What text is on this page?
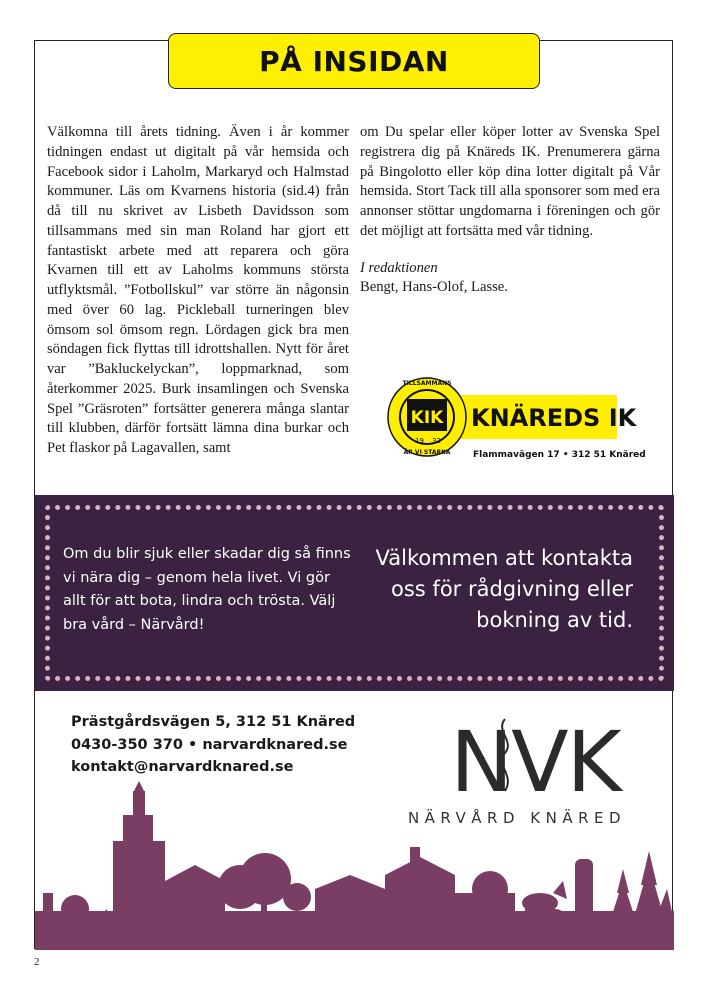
PÅ INSIDAN
Välkomna till årets tidning. Även i år kommer tidningen endast ut digitalt på vår hemsida och Facebook sidor i Laholm, Markaryd och Halmstad kommuner. Läs om Kvarnens historia (sid.4) från då till nu skrivet av Lisbeth Davidsson som tillsammans med sin man Roland har gjort ett fantastiskt arbete med att reparera och göra Kvarnen till ett av Laholms kommuns största utflyktsmål. ”Fotbollskul” var större än någonsin med över 60 lag. Pickleball turneringen blev ömsom sol ömsom regn. Lördagen gick bra men söndagen fick flyttas till idrottshallen. Nytt för året var ”Bakluckelyckan”, loppmarknad, som återkommer 2025. Burk insamlingen och Svenska Spel ”Gräsroten” fortsätter generera många slantar till klubben, därför fortsätt lämna dina burkar och Pet flaskor på Lagavallen, samt

om Du spelar eller köper lotter av Svenska Spel registrera dig på Knäreds IK. Prenumerera gärna på Bingolotto eller köp dina lotter digitalt på Vår hemsida. Stort Tack till alla sponsorer som med era annonser stöttar ungdomarna i föreningen och gör det möjligt att fortsätta med vår tidning.

I redaktionen

Bengt, Hans-Olof, Lasse.

KIK
19 32
TILLSAMMANS
ÄR VI STARKA
KNÄREDS IK
Flammavägen 17 • 312 51 Knäred
Om du blir sjuk eller skadar dig så finns vi nära dig – genom hela livet. Vi gör allt för att bota, lindra och trösta. Välj bra vård – Närvård!
Välkommen att kontakta oss för rådgivning eller bokning av tid.
Prästgårdsvägen 5, 312 51 Knäred
0430-350 370 • narvardknared.se
kontakt@narvardknared.se	NVK
NÄRVÅRD KNÄRED
2
